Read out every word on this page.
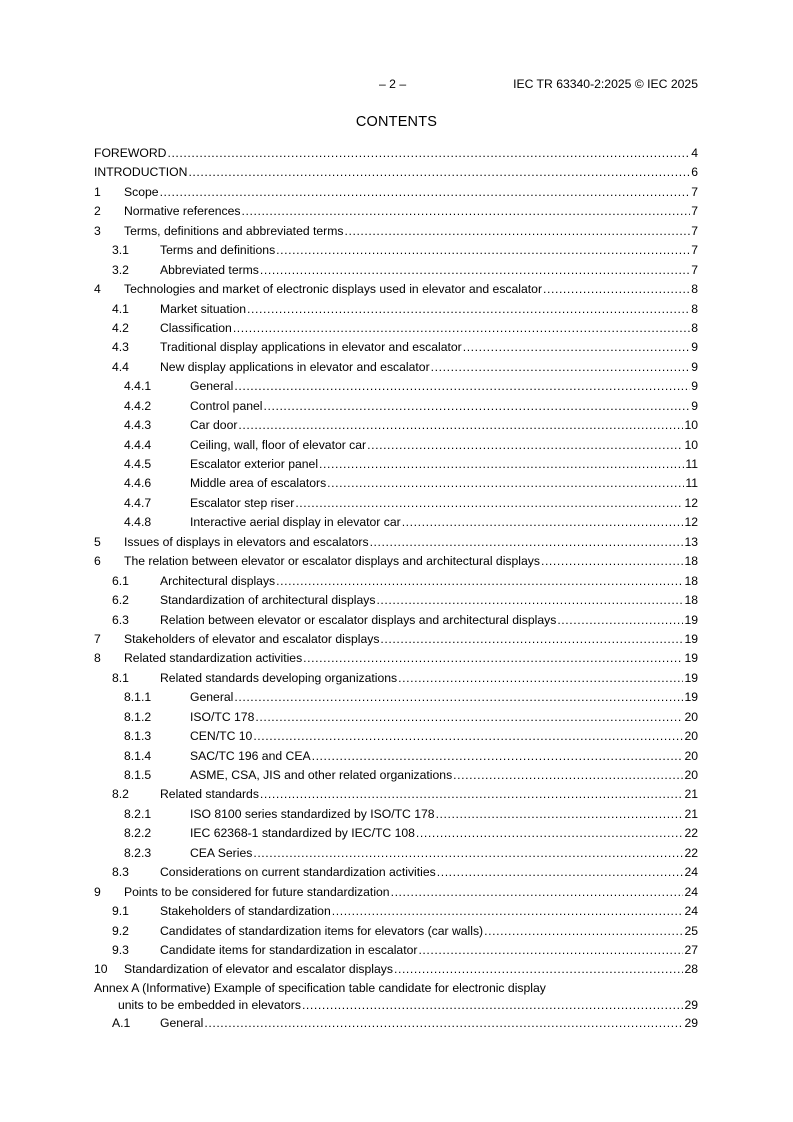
– 2 –	IEC TR 63340-2:2025 © IEC 2025
CONTENTS
FOREWORD .....	4
INTRODUCTION .....	6
1	Scope .....	7
2	Normative references .....	7
3	Terms, definitions and abbreviated terms .....	7
3.1	Terms and definitions .....	7
3.2	Abbreviated terms .....	7
4	Technologies and market of electronic displays used in elevator and escalator .....	8
4.1	Market situation .....	8
4.2	Classification .....	8
4.3	Traditional display applications in elevator and escalator .....	9
4.4	New display applications in elevator and escalator .....	9
4.4.1	General .....	9
4.4.2	Control panel .....	9
4.4.3	Car door .....	10
4.4.4	Ceiling, wall, floor of elevator car .....	10
4.4.5	Escalator exterior panel .....	11
4.4.6	Middle area of escalators .....	11
4.4.7	Escalator step riser .....	12
4.4.8	Interactive aerial display in elevator car .....	12
5	Issues of displays in elevators and escalators .....	13
6	The relation between elevator or escalator displays and architectural displays .....	18
6.1	Architectural displays .....	18
6.2	Standardization of architectural displays .....	18
6.3	Relation between elevator or escalator displays and architectural displays .....	19
7	Stakeholders of elevator and escalator displays .....	19
8	Related standardization activities .....	19
8.1	Related standards developing organizations .....	19
8.1.1	General .....	19
8.1.2	ISO/TC 178 .....	20
8.1.3	CEN/TC 10 .....	20
8.1.4	SAC/TC 196 and CEA .....	20
8.1.5	ASME, CSA, JIS and other related organizations .....	20
8.2	Related standards .....	21
8.2.1	ISO 8100 series standardized by ISO/TC 178 .....	21
8.2.2	IEC 62368-1 standardized by IEC/TC 108 .....	22
8.2.3	CEA Series .....	22
8.3	Considerations on current standardization activities .....	24
9	Points to be considered for future standardization .....	24
9.1	Stakeholders of standardization .....	24
9.2	Candidates of standardization items for elevators (car walls) .....	25
9.3	Candidate items for standardization in escalator .....	27
10	Standardization of elevator and escalator displays .....	28
Annex A (Informative) Example of specification table candidate for electronic display
units to be embedded in elevators .....	29
A.1	General .....	29
